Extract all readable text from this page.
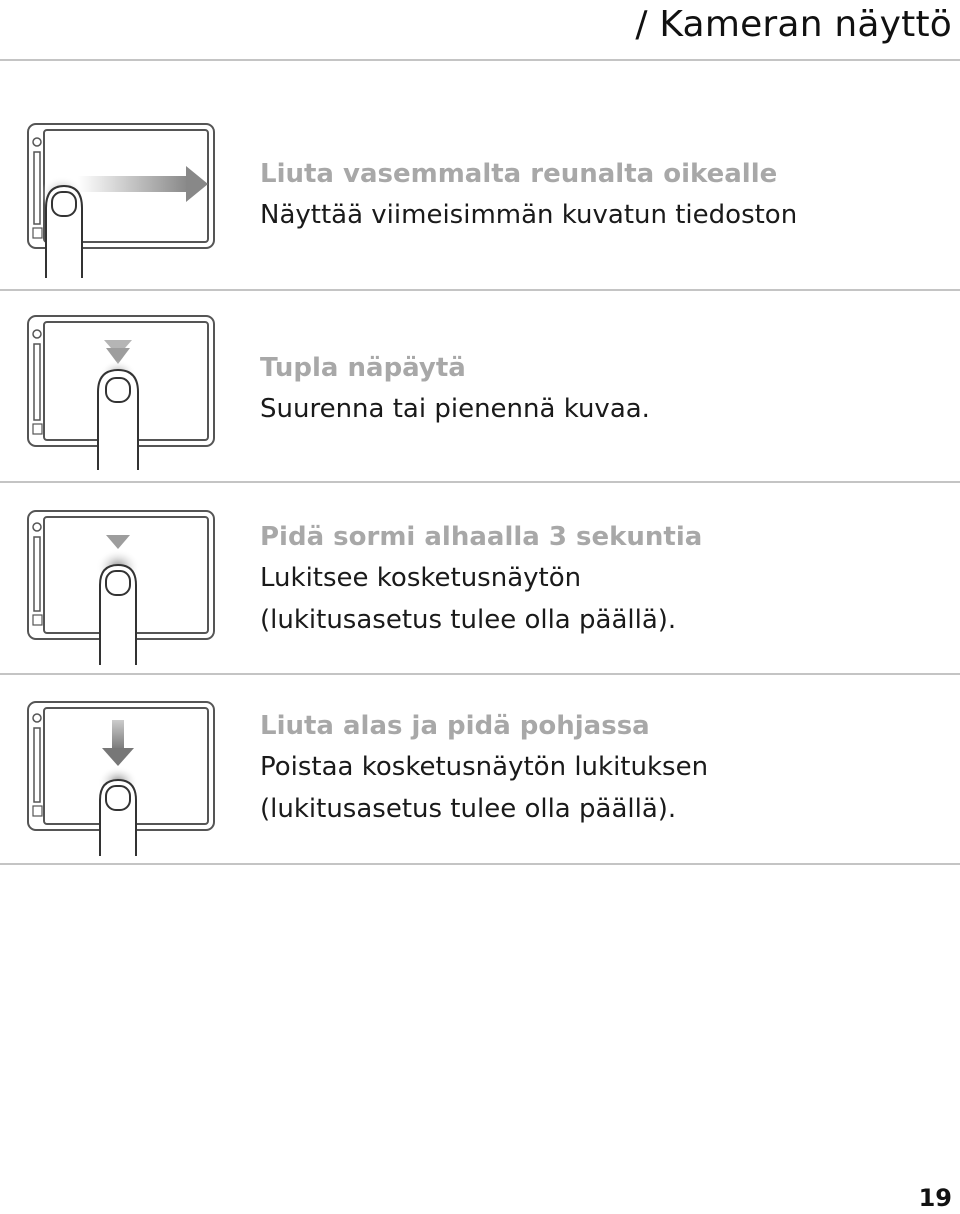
/ Kameran näyttö
Liuta vasemmalta reunalta oikealle
Näyttää viimeisimmän kuvatun tiedoston
Tupla näpäytä
Suurenna tai pienennä kuvaa.
Pidä sormi alhaalla 3 sekuntia
Lukitsee kosketusnäytön
(lukitusasetus tulee olla päällä).
Liuta alas ja pidä pohjassa
Poistaa kosketusnäytön lukituksen
(lukitusasetus tulee olla päällä).
19
